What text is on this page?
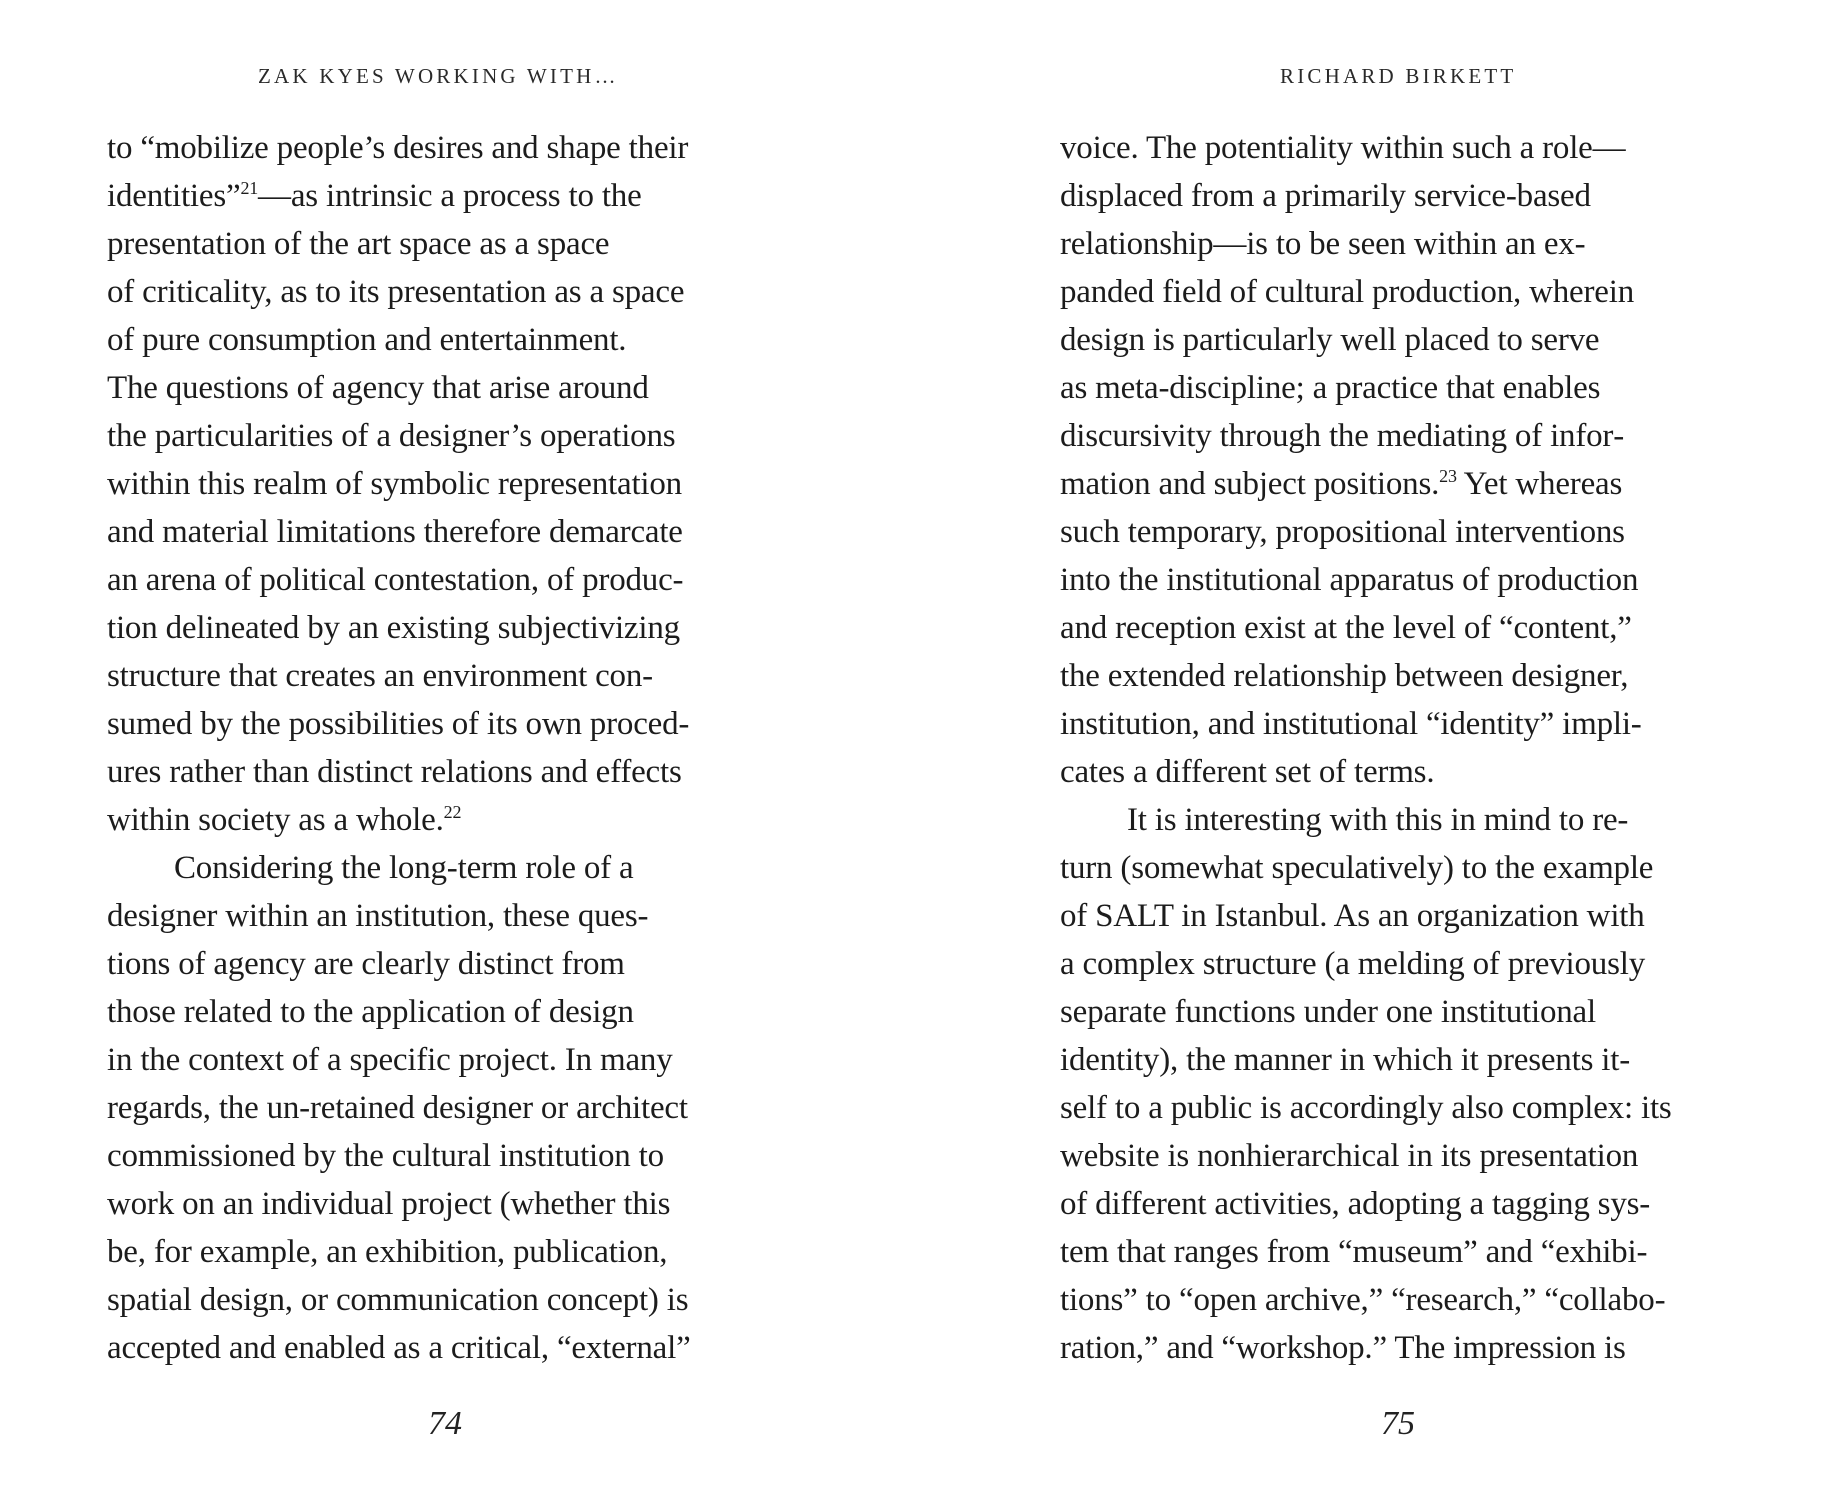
ZAK KYES WORKING WITH…
to “mobilize people’s desires and shape their
identities”$^{21}$—as intrinsic a process to the
presentation of the art space as a space
of criticality, as to its presentation as a space
of pure consumption and entertainment.
The questions of agency that arise around
the particularities of a designer’s operations
within this realm of symbolic representation
and material limitations therefore demarcate
an arena of political contestation, of produc‑
tion delineated by an existing subjectivizing
structure that creates an environment con‑
sumed by the possibilities of its own proced‑
ures rather than distinct relations and effects
within society as a whole.$^{22}$
Considering the long‑term role of a
designer within an institution, these ques‑
tions of agency are clearly distinct from
those related to the application of design
in the context of a specific project. In many
regards, the un‑retained designer or architect
commissioned by the cultural institution to
work on an individual project (whether this
be, for example, an exhibition, publication,
spatial design, or communication concept) is
accepted and enabled as a critical, “external”
74
RICHARD BIRKETT
voice. The potentiality within such a role—
displaced from a primarily service‑based
relationship—is to be seen within an ex‑
panded field of cultural production, wherein
design is particularly well placed to serve
as meta‑discipline; a practice that enables
discursivity through the mediating of infor‑
mation and subject positions.$^{23}$ Yet whereas
such temporary, propositional interventions
into the institutional apparatus of production
and reception exist at the level of “content,”
the extended relationship between designer,
institution, and institutional “identity” impli‑
cates a different set of terms.
It is interesting with this in mind to re‑
turn (somewhat speculatively) to the example
of SALT in Istanbul. As an organization with
a complex structure (a melding of previously
separate functions under one institutional
identity), the manner in which it presents it‑
self to a public is accordingly also complex: its
website is nonhierarchical in its presentation
of different activities, adopting a tagging sys‑
tem that ranges from “museum” and “exhibi‑
tions” to “open archive,” “research,” “collabo‑
ration,” and “workshop.” The impression is
75
